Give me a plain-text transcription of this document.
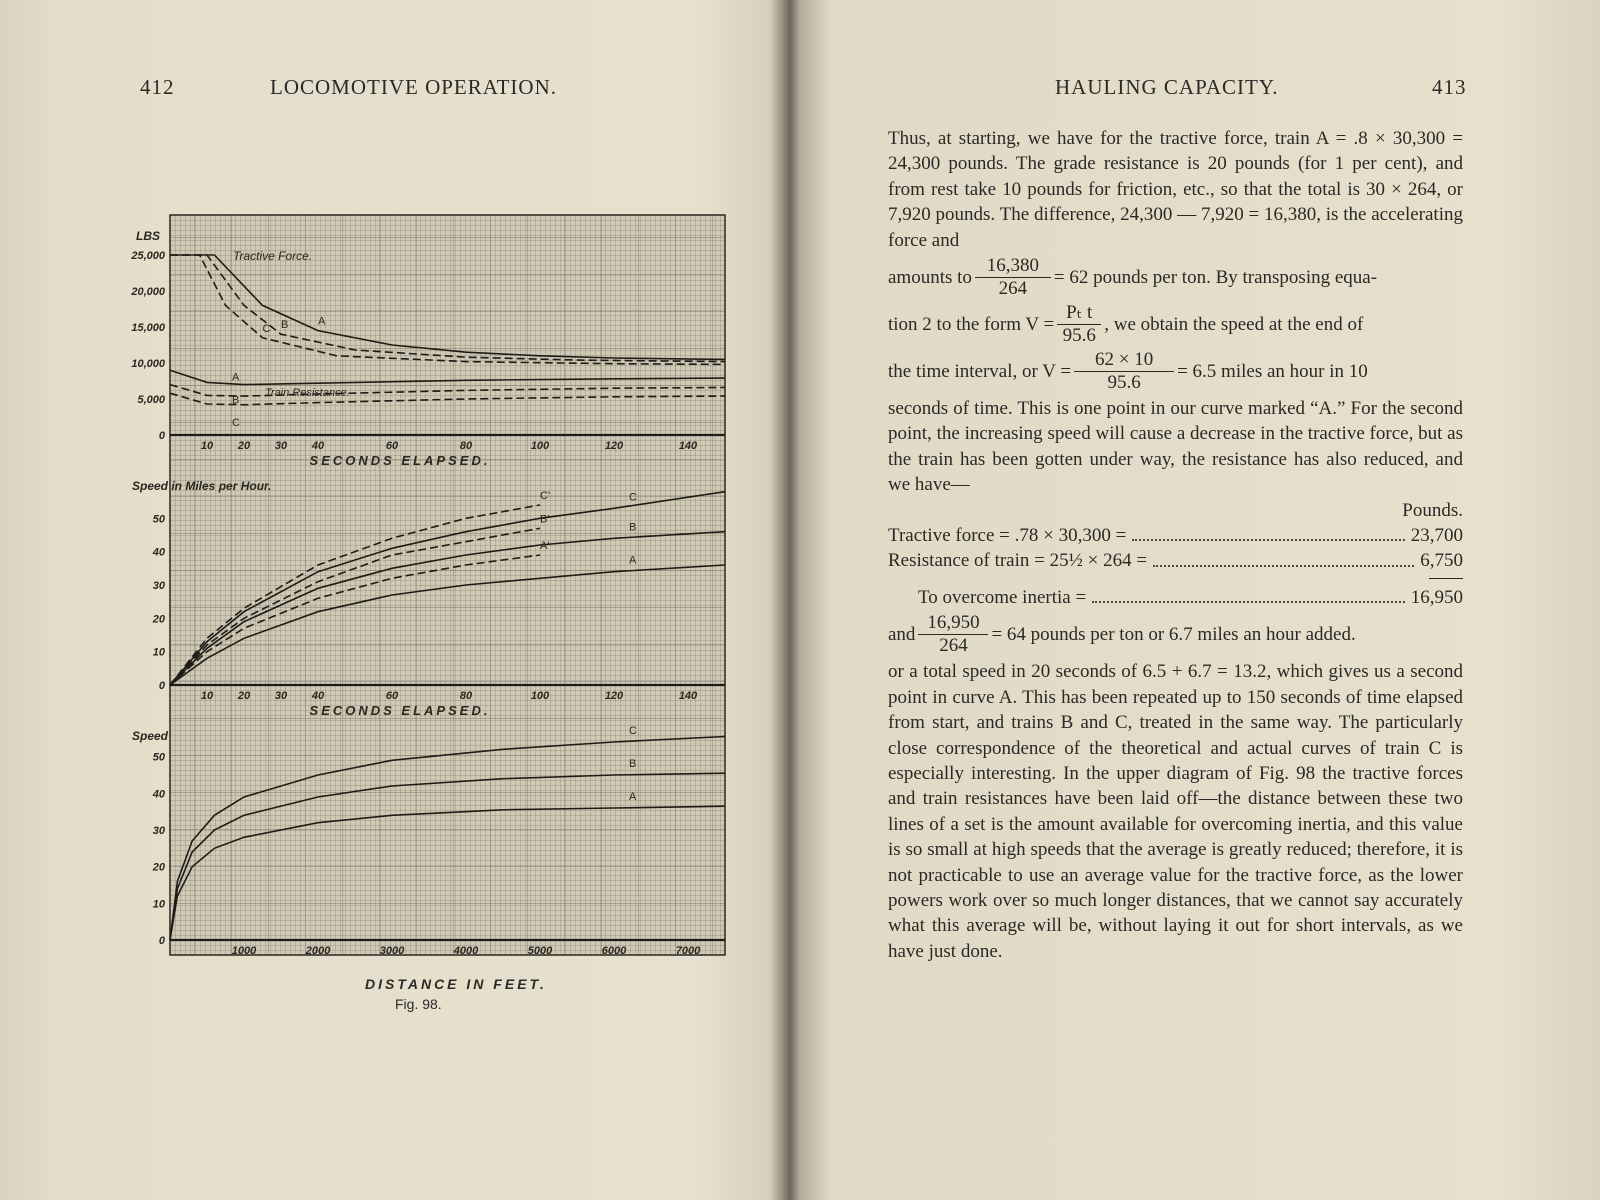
412	LOCOMOTIVE OPERATION.
0
5,000
10,000
15,000
20,000
25,000
LBS
10 20 30 40	60	80	100	120	140
SECONDS ELAPSED.
A
B
C
A
B
C
Tractive Force.
Train Resistance.
0
10
20
30
40
50
Speed in Miles per Hour.
10 20 30 40	60	80	100	120	140
SECONDS ELAPSED.
A
B
C
A'
B'
C'
0
10
20
30
40
50
Speed
1000	2000	3000	4000	5000	6000	7000
A
B
C
DISTANCE IN FEET.
Fig. 98.
HAULING CAPACITY.	413

Thus, at starting, we have for the tractive force, train A = .8 × 30,300 = 24,300 pounds. The grade resistance is 20 pounds (for 1 per cent), and from rest take 10 pounds for friction, etc., so that the total is 30 × 264, or 7,920 pounds. The difference, 24,300 — 7,920 = 16,380, is the accelerating force and

amounts to $\frac{16,380}{264} = 62$ pounds per ton. By transposing equa-
tion 2 to the form $V = \frac{\text{Pₜ t}}{95.6}$ , we obtain the speed at the end of
the time interval, or $V = \frac{62 \times 10}{95.6} = 6.5$ miles an hour in 10

seconds of time. This is one point in our curve marked “A.” For the second point, the increasing speed will cause a decrease in the tractive force, but as the train has been gotten under way, the resistance has also reduced, and we have—

Pounds.
Tractive force = .78 × 30,300 =	23,700
Resistance of train = 25½ × 264 =	6,750
To overcome inertia =	16,950
and $\frac{16,950}{264} = 64$ pounds per ton or 6.7 miles an hour added.

or a total speed in 20 seconds of 6.5 + 6.7 = 13.2, which gives us a second point in curve A. This has been repeated up to 150 seconds of time elapsed from start, and trains B and C, treated in the same way. The particularly close correspondence of the theoretical and actual curves of train C is especially interesting. In the upper diagram of Fig. 98 the tractive forces and train resistances have been laid off—the distance between these two lines of a set is the amount available for overcoming inertia, and this value is so small at high speeds that the average is greatly reduced; therefore, it is not practicable to use an average value for the tractive force, as the lower powers work over so much longer distances, that we cannot say accurately what this average will be, without laying it out for short intervals, as we have just done.
